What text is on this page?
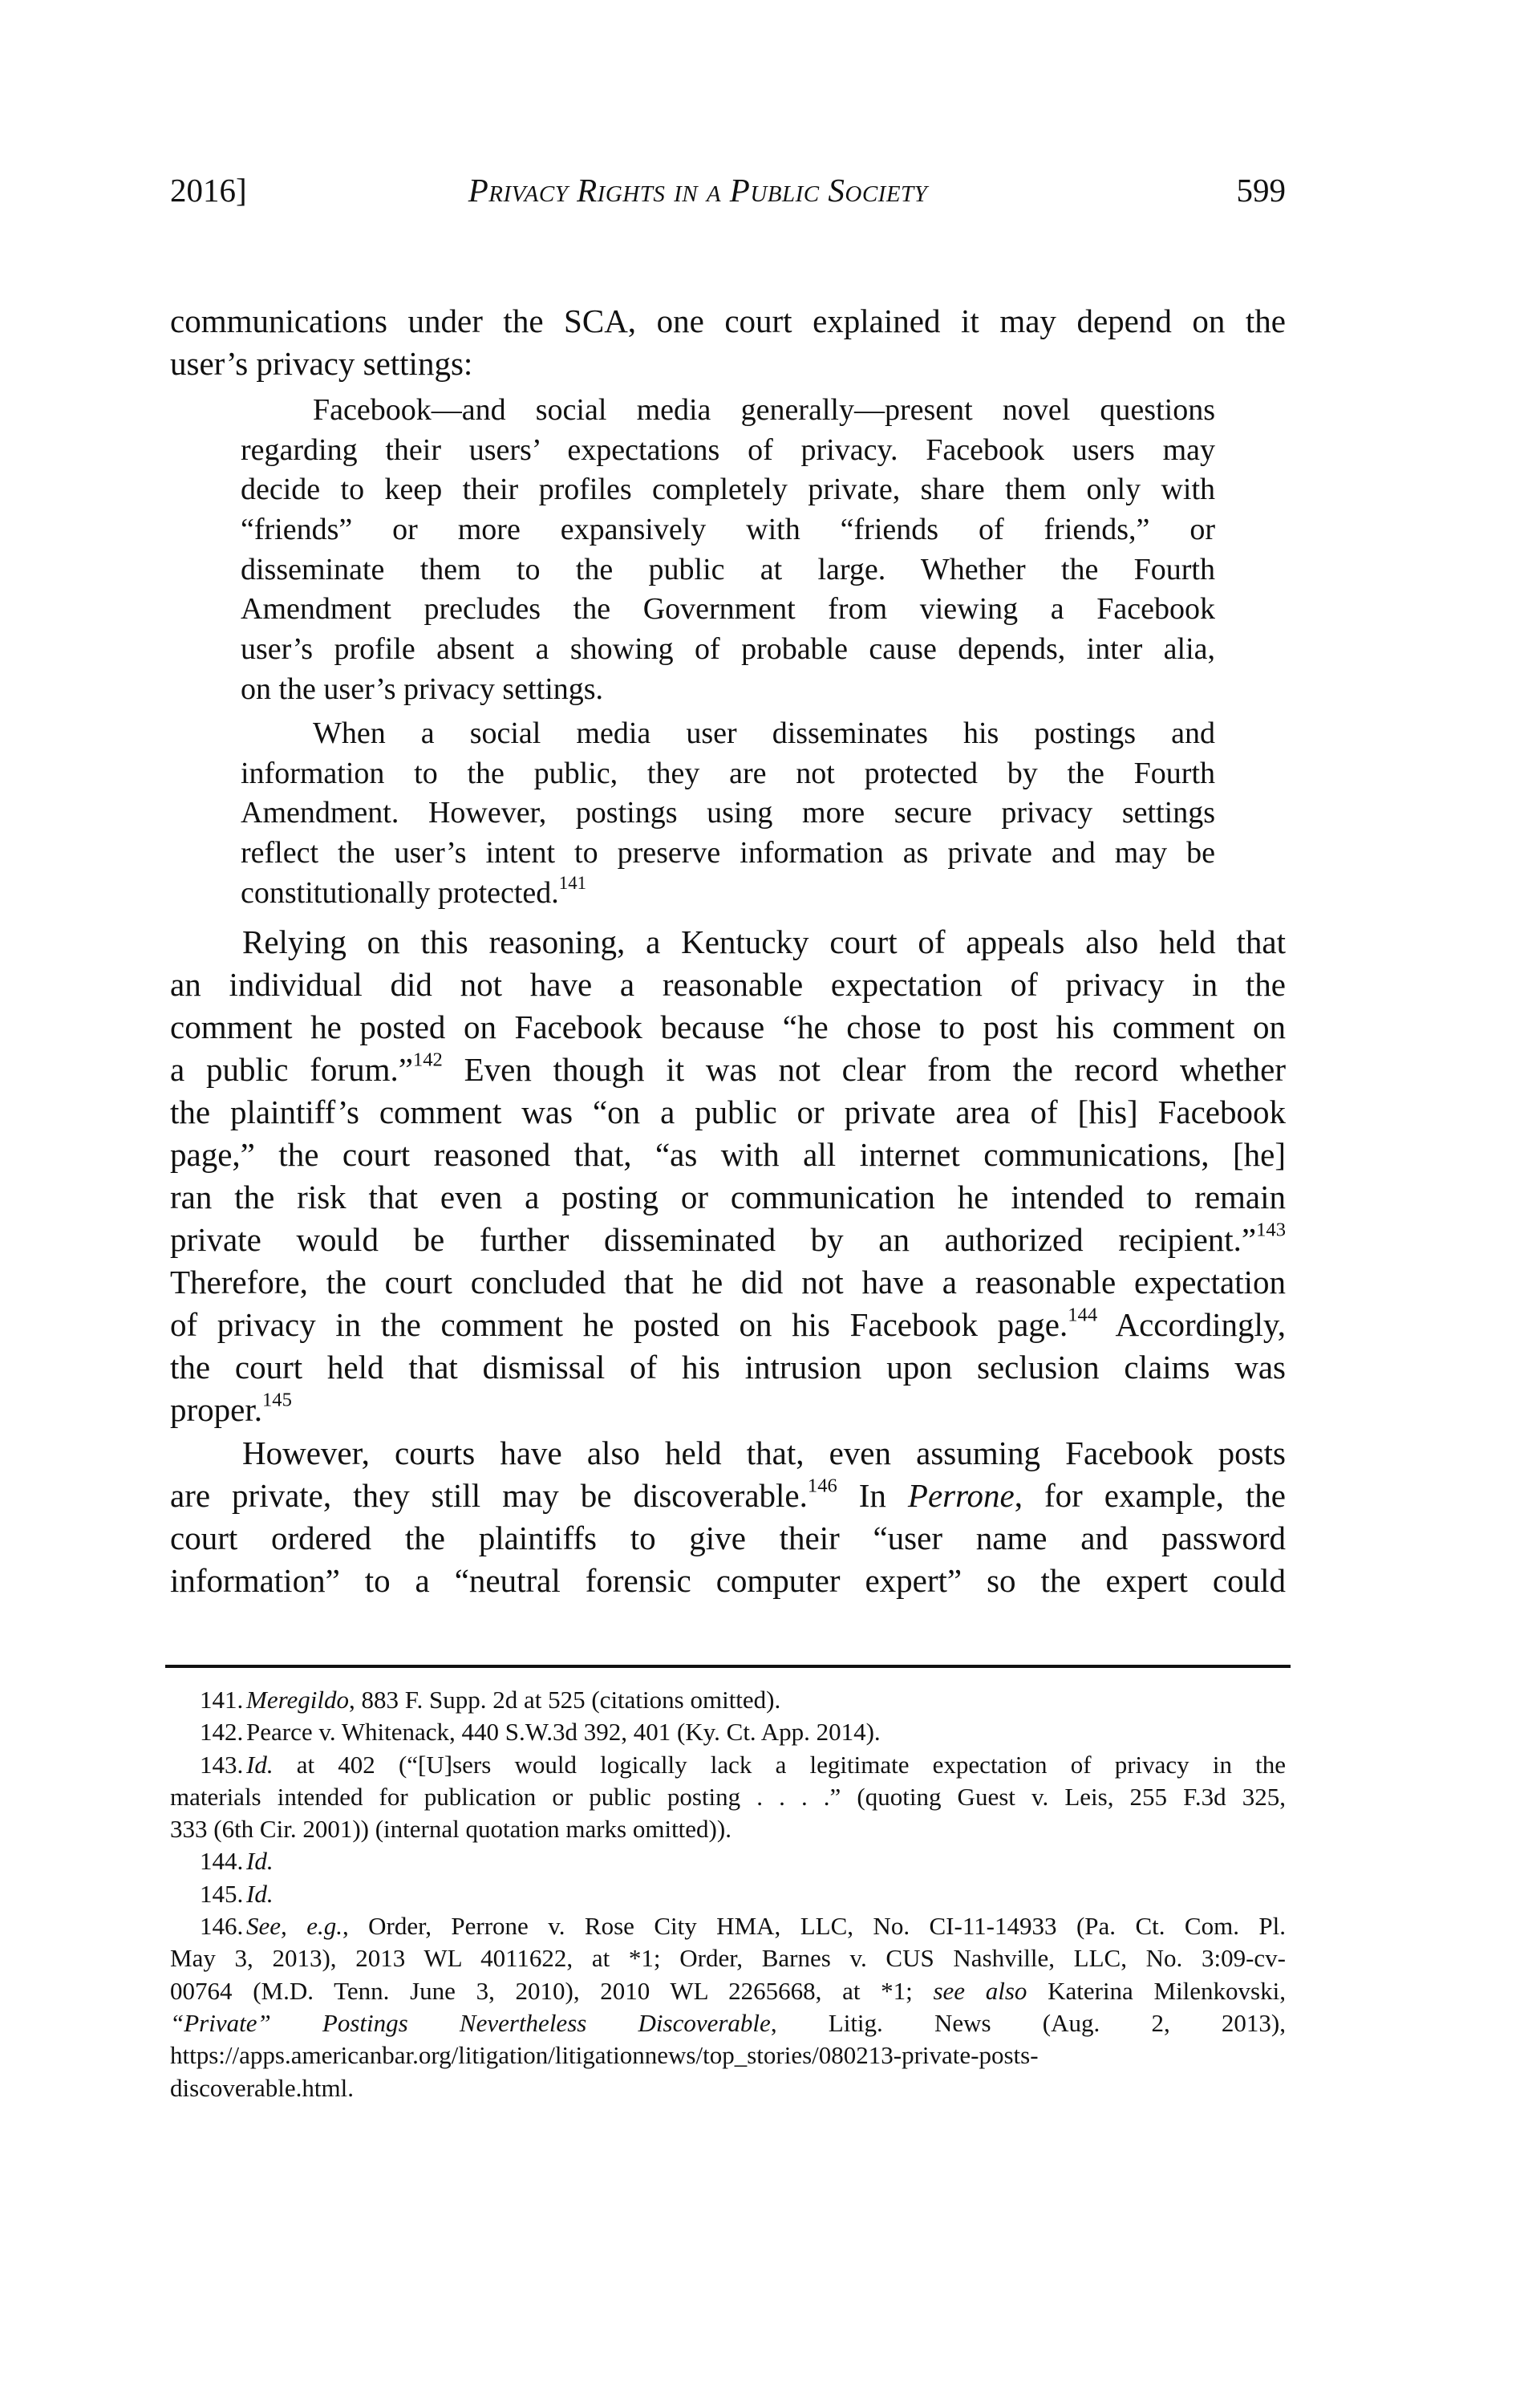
2016]	Privacy Rights in a Public Society	599
communications under the SCA, one court explained it may depend on the
user’s privacy settings:
Facebook—and social media generally—present novel questions
regarding their users’ expectations of privacy. Facebook users may
decide to keep their profiles completely private, share them only with
“friends” or more expansively with “friends of friends,” or
disseminate them to the public at large. Whether the Fourth
Amendment precludes the Government from viewing a Facebook
user’s profile absent a showing of probable cause depends, inter alia,
on the user’s privacy settings.
When a social media user disseminates his postings and
information to the public, they are not protected by the Fourth
Amendment. However, postings using more secure privacy settings
reflect the user’s intent to preserve information as private and may be
constitutionally protected.$^{141}$
Relying on this reasoning, a Kentucky court of appeals also held that
an individual did not have a reasonable expectation of privacy in the
comment he posted on Facebook because “he chose to post his comment on
a public forum.”$^{142}$ Even though it was not clear from the record whether
the plaintiff’s comment was “on a public or private area of [his] Facebook
page,” the court reasoned that, “as with all internet communications, [he]
ran the risk that even a posting or communication he intended to remain
private would be further disseminated by an authorized recipient.”$^{143}$
Therefore, the court concluded that he did not have a reasonable expectation
of privacy in the comment he posted on his Facebook page.$^{144}$ Accordingly,
the court held that dismissal of his intrusion upon seclusion claims was
proper.$^{145}$
However, courts have also held that, even assuming Facebook posts
are private, they still may be discoverable.$^{146}$ In Perrone, for example, the
court ordered the plaintiffs to give their “user name and password
information” to a “neutral forensic computer expert” so the expert could
141. Meregildo, 883 F. Supp. 2d at 525 (citations omitted).
142. Pearce v. Whitenack, 440 S.W.3d 392, 401 (Ky. Ct. App. 2014).
143. Id. at 402 (“[U]sers would logically lack a legitimate expectation of privacy in the
materials intended for publication or public posting . . . .” (quoting Guest v. Leis, 255 F.3d 325,
333 (6th Cir. 2001)) (internal quotation marks omitted)).
144. Id.
145. Id.
146. See, e.g., Order, Perrone v. Rose City HMA, LLC, No. CI-11-14933 (Pa. Ct. Com. Pl.
May 3, 2013), 2013 WL 4011622, at *1; Order, Barnes v. CUS Nashville, LLC, No. 3:09-cv-
00764 (M.D. Tenn. June 3, 2010), 2010 WL 2265668, at *1; see also Katerina Milenkovski,
“Private” Postings Nevertheless Discoverable, Litig. News (Aug. 2, 2013),
https://apps.americanbar.org/litigation/litigationnews/top_stories/080213-private-posts-
discoverable.html.
